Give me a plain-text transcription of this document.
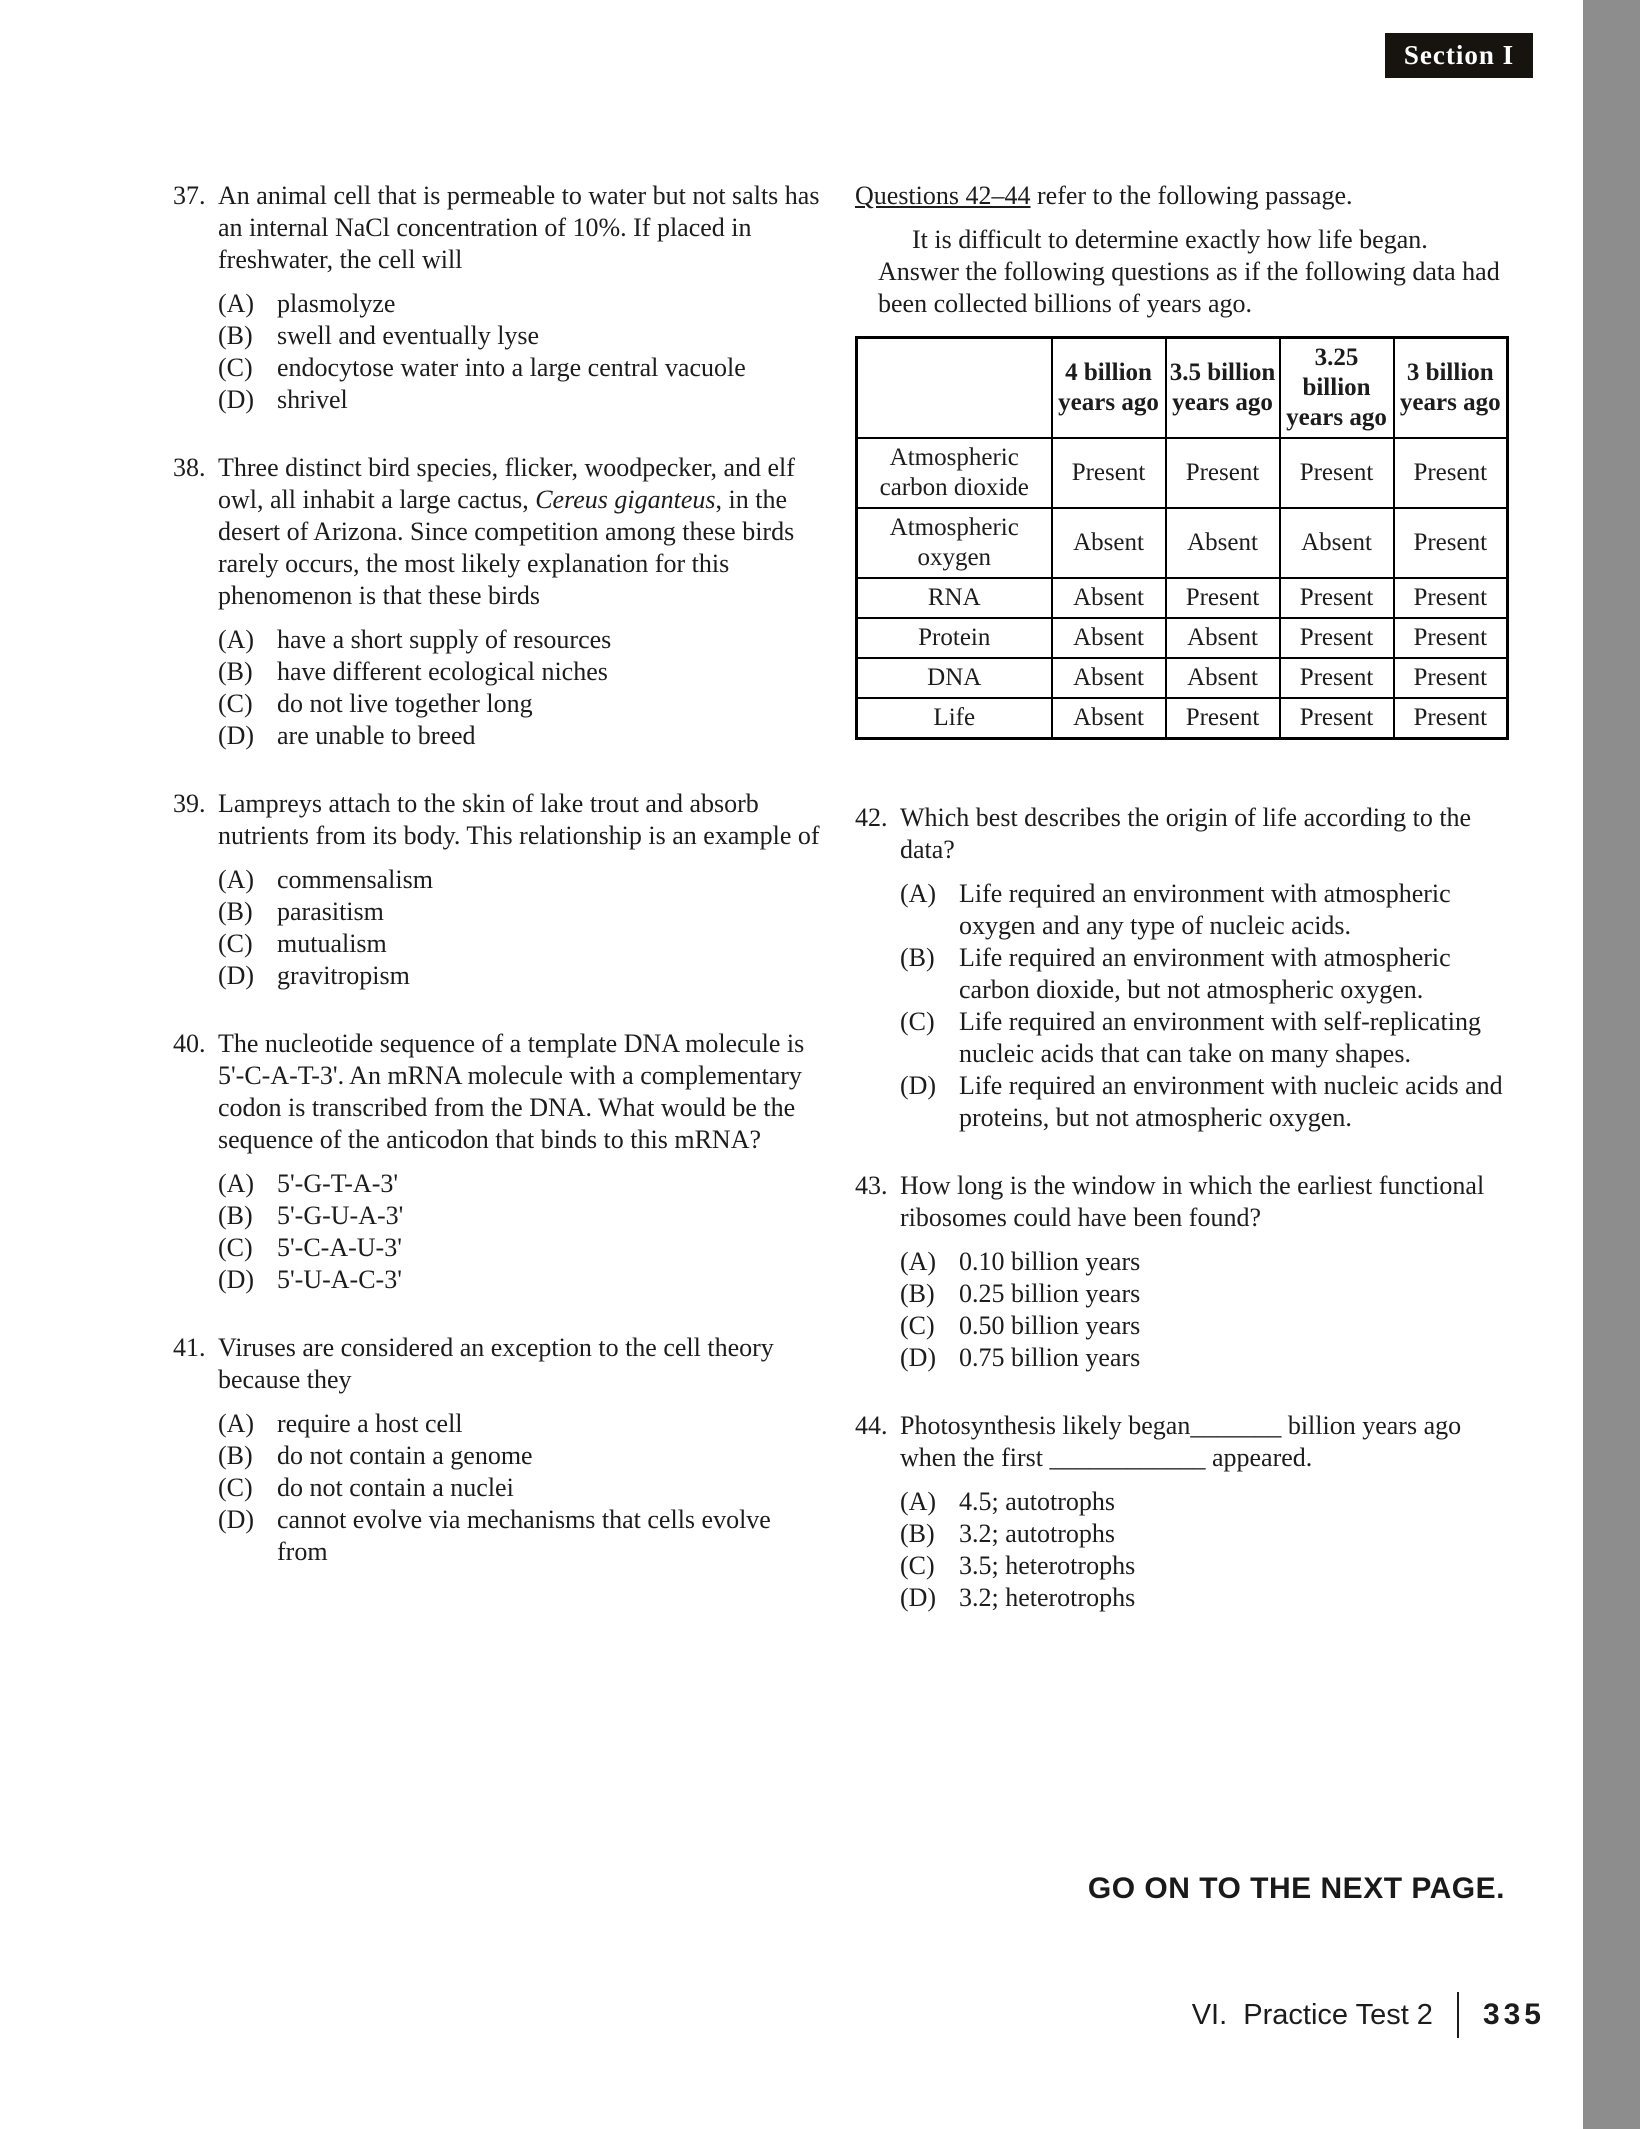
Section I
37. An animal cell that is permeable to water but not salts has an internal NaCl concentration of 10%. If placed in freshwater, the cell will
(A) plasmolyze
(B) swell and eventually lyse
(C) endocytose water into a large central vacuole
(D) shrivel
38. Three distinct bird species, flicker, woodpecker, and elf owl, all inhabit a large cactus, Cereus giganteus, in the desert of Arizona. Since competition among these birds rarely occurs, the most likely explanation for this phenomenon is that these birds
(A) have a short supply of resources
(B) have different ecological niches
(C) do not live together long
(D) are unable to breed
39. Lampreys attach to the skin of lake trout and absorb nutrients from its body. This relationship is an example of
(A) commensalism
(B) parasitism
(C) mutualism
(D) gravitropism
40. The nucleotide sequence of a template DNA molecule is 5'-C-A-T-3'. An mRNA molecule with a complementary codon is transcribed from the DNA. What would be the sequence of the anticodon that binds to this mRNA?
(A) 5'-G-T-A-3'
(B) 5'-G-U-A-3'
(C) 5'-C-A-U-3'
(D) 5'-U-A-C-3'
41. Viruses are considered an exception to the cell theory because they
(A) require a host cell
(B) do not contain a genome
(C) do not contain a nuclei
(D) cannot evolve via mechanisms that cells evolve from
Questions 42–44 refer to the following passage.
It is difficult to determine exactly how life began. Answer the following questions as if the following data had been collected billions of years ago.
	4 billion years ago	3.5 billion years ago	3.25 billion years ago	3 billion years ago
Atmospheric carbon dioxide	Present	Present	Present	Present
Atmospheric oxygen	Absent	Absent	Absent	Present
RNA	Absent	Present	Present	Present
Protein	Absent	Absent	Present	Present
DNA	Absent	Absent	Present	Present
Life	Absent	Present	Present	Present
42. Which best describes the origin of life according to the data?
(A) Life required an environment with atmospheric oxygen and any type of nucleic acids.
(B) Life required an environment with atmospheric carbon dioxide, but not atmospheric oxygen.
(C) Life required an environment with self-replicating nucleic acids that can take on many shapes.
(D) Life required an environment with nucleic acids and proteins, but not atmospheric oxygen.
43. How long is the window in which the earliest functional ribosomes could have been found?
(A) 0.10 billion years
(B) 0.25 billion years
(C) 0.50 billion years
(D) 0.75 billion years
44. Photosynthesis likely began_______ billion years ago when the first ____________ appeared.
(A) 4.5; autotrophs
(B) 3.2; autotrophs
(C) 3.5; heterotrophs
(D) 3.2; heterotrophs
GO ON TO THE NEXT PAGE.
VI.  Practice Test 2 335
